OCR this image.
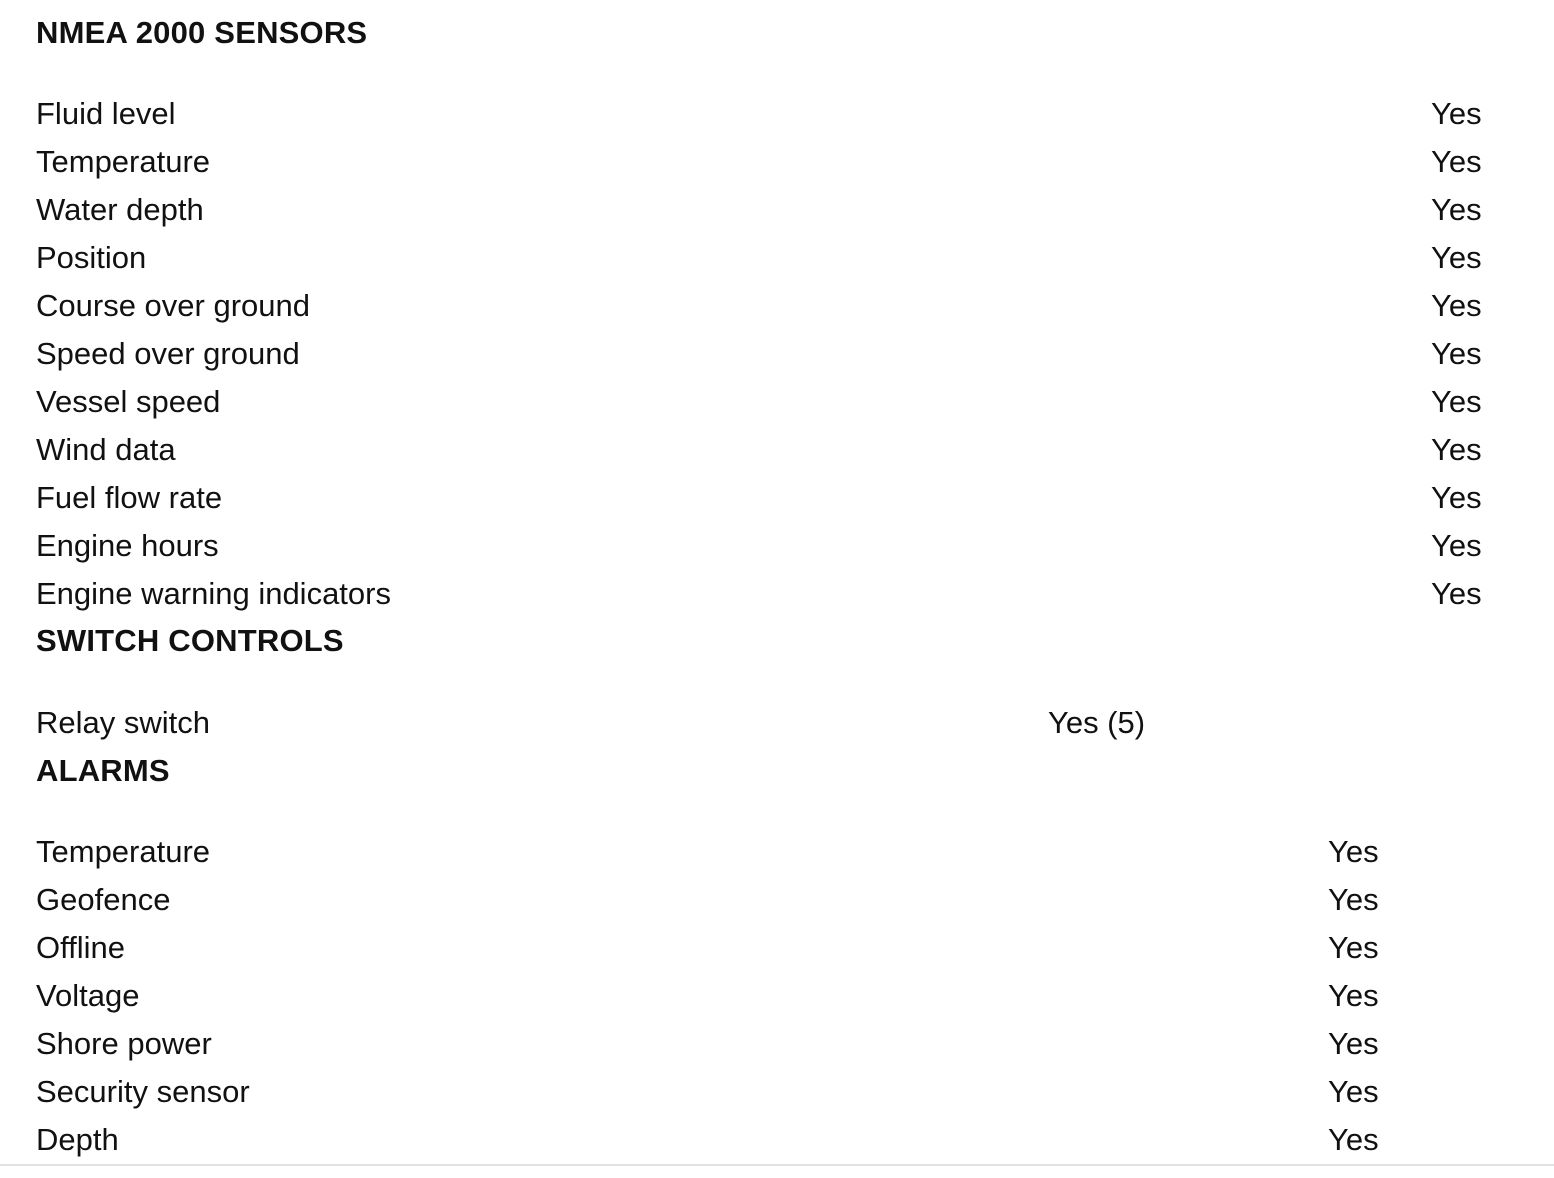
NMEA 2000 SENSORS
Fluid level	Yes
Temperature	Yes
Water depth	Yes
Position	Yes
Course over ground	Yes
Speed over ground	Yes
Vessel speed	Yes
Wind data	Yes
Fuel flow rate	Yes
Engine hours	Yes
Engine warning indicators	Yes
SWITCH CONTROLS
Relay switch	Yes (5)
ALARMS
Temperature	Yes
Geofence	Yes
Offline	Yes
Voltage	Yes
Shore power	Yes
Security sensor	Yes
Depth	Yes
